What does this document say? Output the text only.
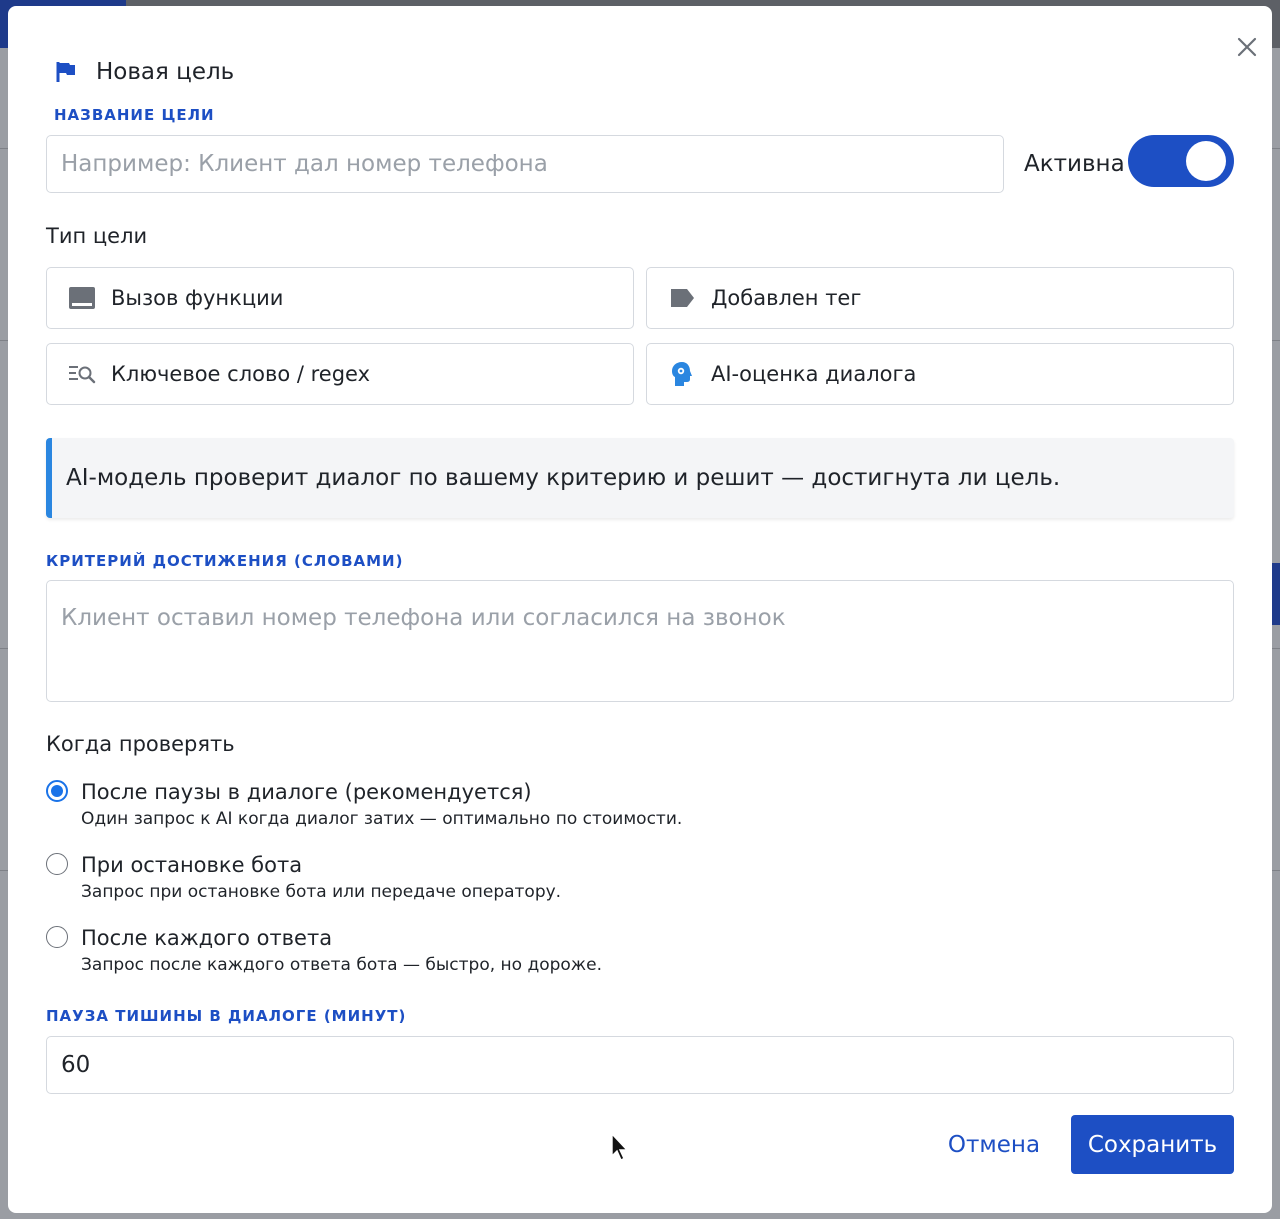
Новая цель
НАЗВАНИЕ ЦЕЛИ
Например: Клиент дал номер телефона
Активна
Тип цели
Вызов функции	Добавлен тег
Ключевое слово / regex	AI-оценка диалога
AI-модель проверит диалог по вашему критерию и решит — достигнута ли цель.
КРИТЕРИЙ ДОСТИЖЕНИЯ (СЛОВАМИ)
Клиент оставил номер телефона или согласился на звонок
Когда проверять
После паузы в диалоге (рекомендуется)
Один запрос к AI когда диалог затих — оптимально по стоимости.
При остановке бота
Запрос при остановке бота или передаче оператору.
После каждого ответа
Запрос после каждого ответа бота — быстро, но дороже.
ПАУЗА ТИШИНЫ В ДИАЛОГЕ (МИНУТ)
60
Отмена	Сохранить
